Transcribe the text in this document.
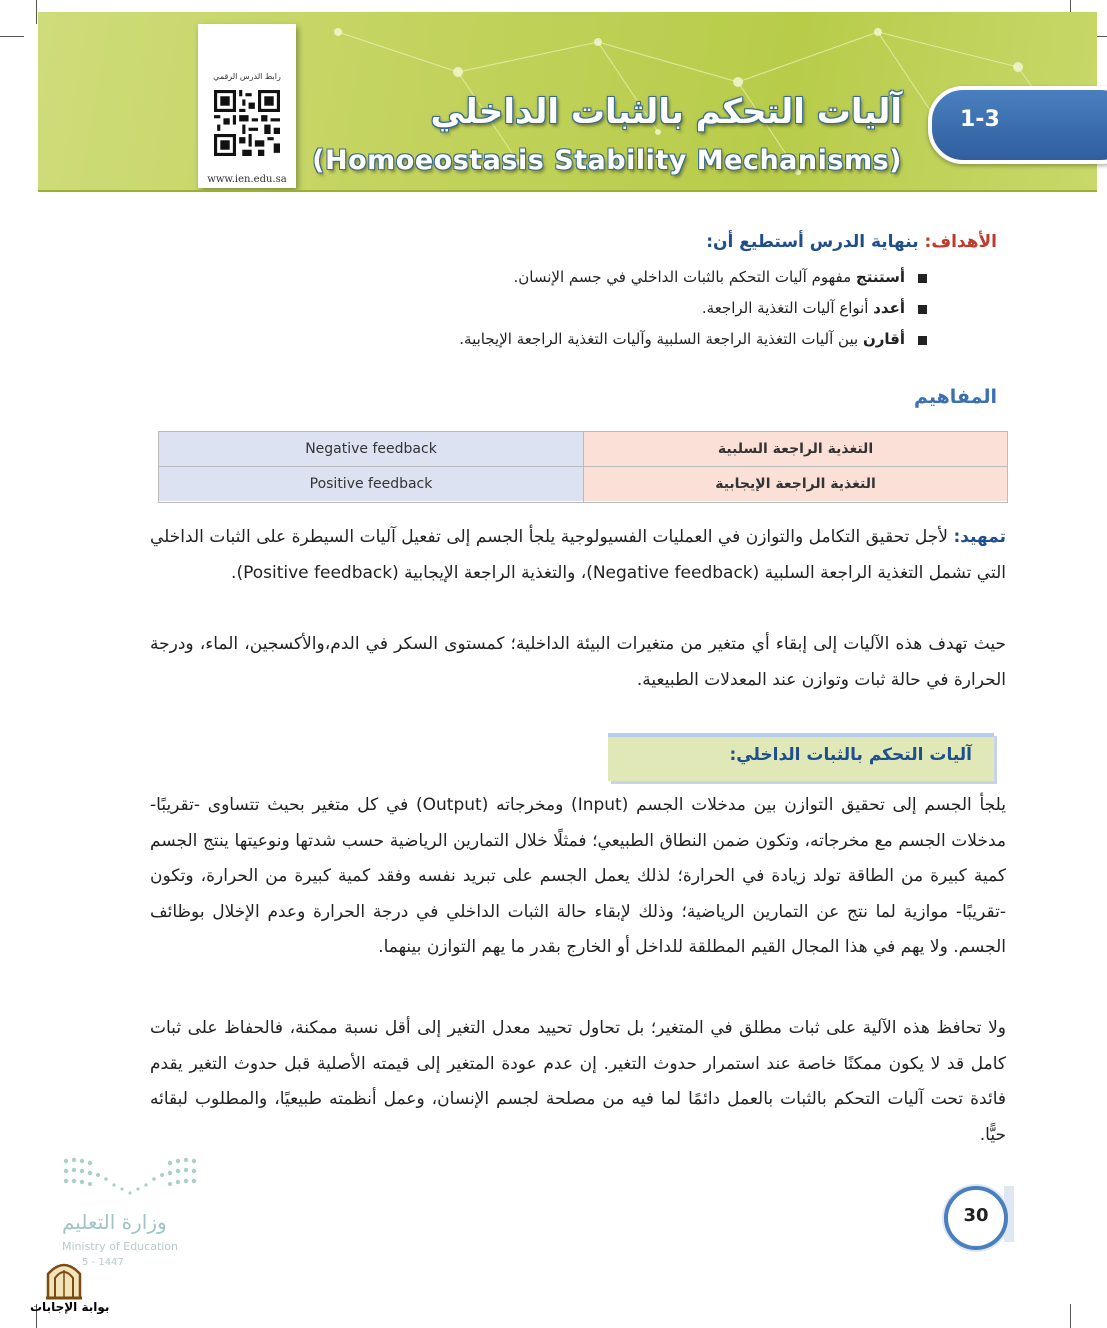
رابط الدرس الرقمي
www.ien.edu.sa
آليات التحكم بالثبات الداخلي
(Homoeostasis Stability Mechanisms)
1-3
الأهداف: بنهاية الدرس أستطيع أن:
أستنتج مفهوم آليات التحكم بالثبات الداخلي في جسم الإنسان.
أعدد أنواع آليات التغذية الراجعة.
أقارن بين آليات التغذية الراجعة السلبية وآليات التغذية الراجعة الإيجابية.
المفاهيم
Negative feedback	التغذية الراجعة السلبية
Positive feedback	التغذية الراجعة الإيجابية
تمهيد: لأجل تحقيق التكامل والتوازن في العمليات الفسيولوجية يلجأ الجسم إلى تفعيل آليات السيطرة على الثبات الداخلي التي تشمل التغذية الراجعة السلبية (Negative feedback)، والتغذية الراجعة الإيجابية (Positive feedback).
حيث تهدف هذه الآليات إلى إبقاء أي متغير من متغيرات البيئة الداخلية؛ كمستوى السكر في الدم،والأكسجين، الماء، ودرجة الحرارة في حالة ثبات وتوازن عند المعدلات الطبيعية.
آليات التحكم بالثبات الداخلي:
يلجأ الجسم إلى تحقيق التوازن بين مدخلات الجسم (Input) ومخرجاته (Output) في كل متغير بحيث تتساوى -تقريبًا- مدخلات الجسم مع مخرجاته، وتكون ضمن النطاق الطبيعي؛ فمثلًا خلال التمارين الرياضية حسب شدتها ونوعيتها ينتج الجسم كمية كبيرة من الطاقة تولد زيادة في الحرارة؛ لذلك يعمل الجسم على تبريد نفسه وفقد كمية كبيرة من الحرارة، وتكون -تقريبًا- موازية لما نتج عن التمارين الرياضية؛ وذلك لإبقاء حالة الثبات الداخلي في درجة الحرارة وعدم الإخلال بوظائف الجسم. ولا يهم في هذا المجال القيم المطلقة للداخل أو الخارج بقدر ما يهم التوازن بينهما.
ولا تحافظ هذه الآلية على ثبات مطلق في المتغير؛ بل تحاول تحييد معدل التغير إلى أقل نسبة ممكنة، فالحفاظ على ثبات كامل قد لا يكون ممكنًا خاصة عند استمرار حدوث التغير. إن عدم عودة المتغير إلى قيمته الأصلية قبل حدوث التغير يقدم فائدة تحت آليات التحكم بالثبات بالعمل دائمًا لما فيه من مصلحة لجسم الإنسان، وعمل أنظمته طبيعيًا، والمطلوب لبقائه حيًّا.
وزارة التعليم
Ministry of Education
5 - 1447
بوابة الإجابات
30
